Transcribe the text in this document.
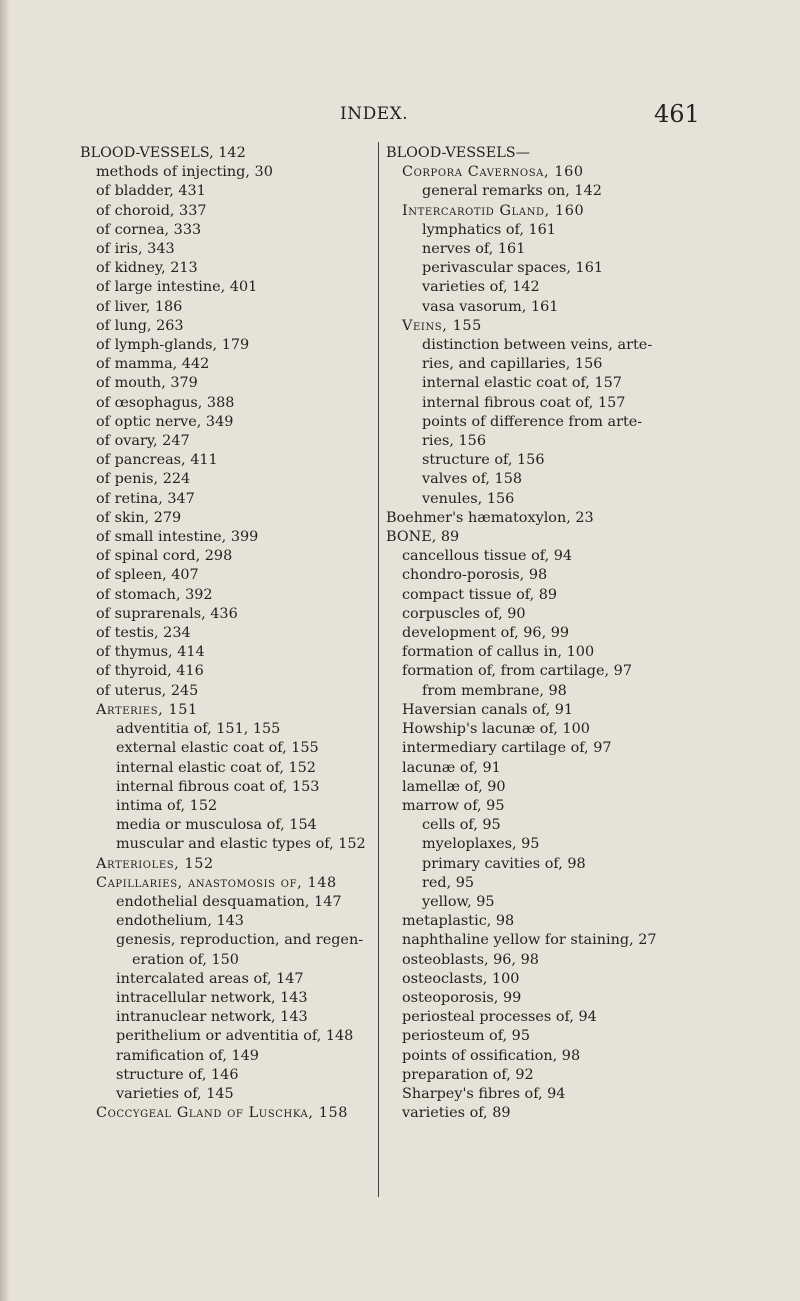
INDEX.	461
BLOOD-VESSELS, 142
methods of injecting, 30
of bladder, 431
of choroid, 337
of cornea, 333
of iris, 343
of kidney, 213
of large intestine, 401
of liver, 186
of lung, 263
of lymph-glands, 179
of mamma, 442
of mouth, 379
of œsophagus, 388
of optic nerve, 349
of ovary, 247
of pancreas, 411
of penis, 224
of retina, 347
of skin, 279
of small intestine, 399
of spinal cord, 298
of spleen, 407
of stomach, 392
of suprarenals, 436
of testis, 234
of thymus, 414
of thyroid, 416
of uterus, 245
Arteries, 151
adventitia of, 151, 155
external elastic coat of, 155
internal elastic coat of, 152
internal fibrous coat of, 153
intima of, 152
media or musculosa of, 154
muscular and elastic types of, 152
Arterioles, 152
Capillaries, anastomosis of, 148
endothelial desquamation, 147
endothelium, 143
genesis, reproduction, and regen-
eration of, 150
intercalated areas of, 147
intracellular network, 143
intranuclear network, 143
perithelium or adventitia of, 148
ramification of, 149
structure of, 146
varieties of, 145
Coccygeal Gland of Luschka, 158
BLOOD-VESSELS—
Corpora Cavernosa, 160
general remarks on, 142
Intercarotid Gland, 160
lymphatics of, 161
nerves of, 161
perivascular spaces, 161
varieties of, 142
vasa vasorum, 161
Veins, 155
distinction between veins, arte-
ries, and capillaries, 156
internal elastic coat of, 157
internal fibrous coat of, 157
points of difference from arte-
ries, 156
structure of, 156
valves of, 158
venules, 156
Boehmer's hæmatoxylon, 23
BONE, 89
cancellous tissue of, 94
chondro-porosis, 98
compact tissue of, 89
corpuscles of, 90
development of, 96, 99
formation of callus in, 100
formation of, from cartilage, 97
from membrane, 98
Haversian canals of, 91
Howship's lacunæ of, 100
intermediary cartilage of, 97
lacunæ of, 91
lamellæ of, 90
marrow of, 95
cells of, 95
myeloplaxes, 95
primary cavities of, 98
red, 95
yellow, 95
metaplastic, 98
naphthaline yellow for staining, 27
osteoblasts, 96, 98
osteoclasts, 100
osteoporosis, 99
periosteal processes of, 94
periosteum of, 95
points of ossification, 98
preparation of, 92
Sharpey's fibres of, 94
varieties of, 89
